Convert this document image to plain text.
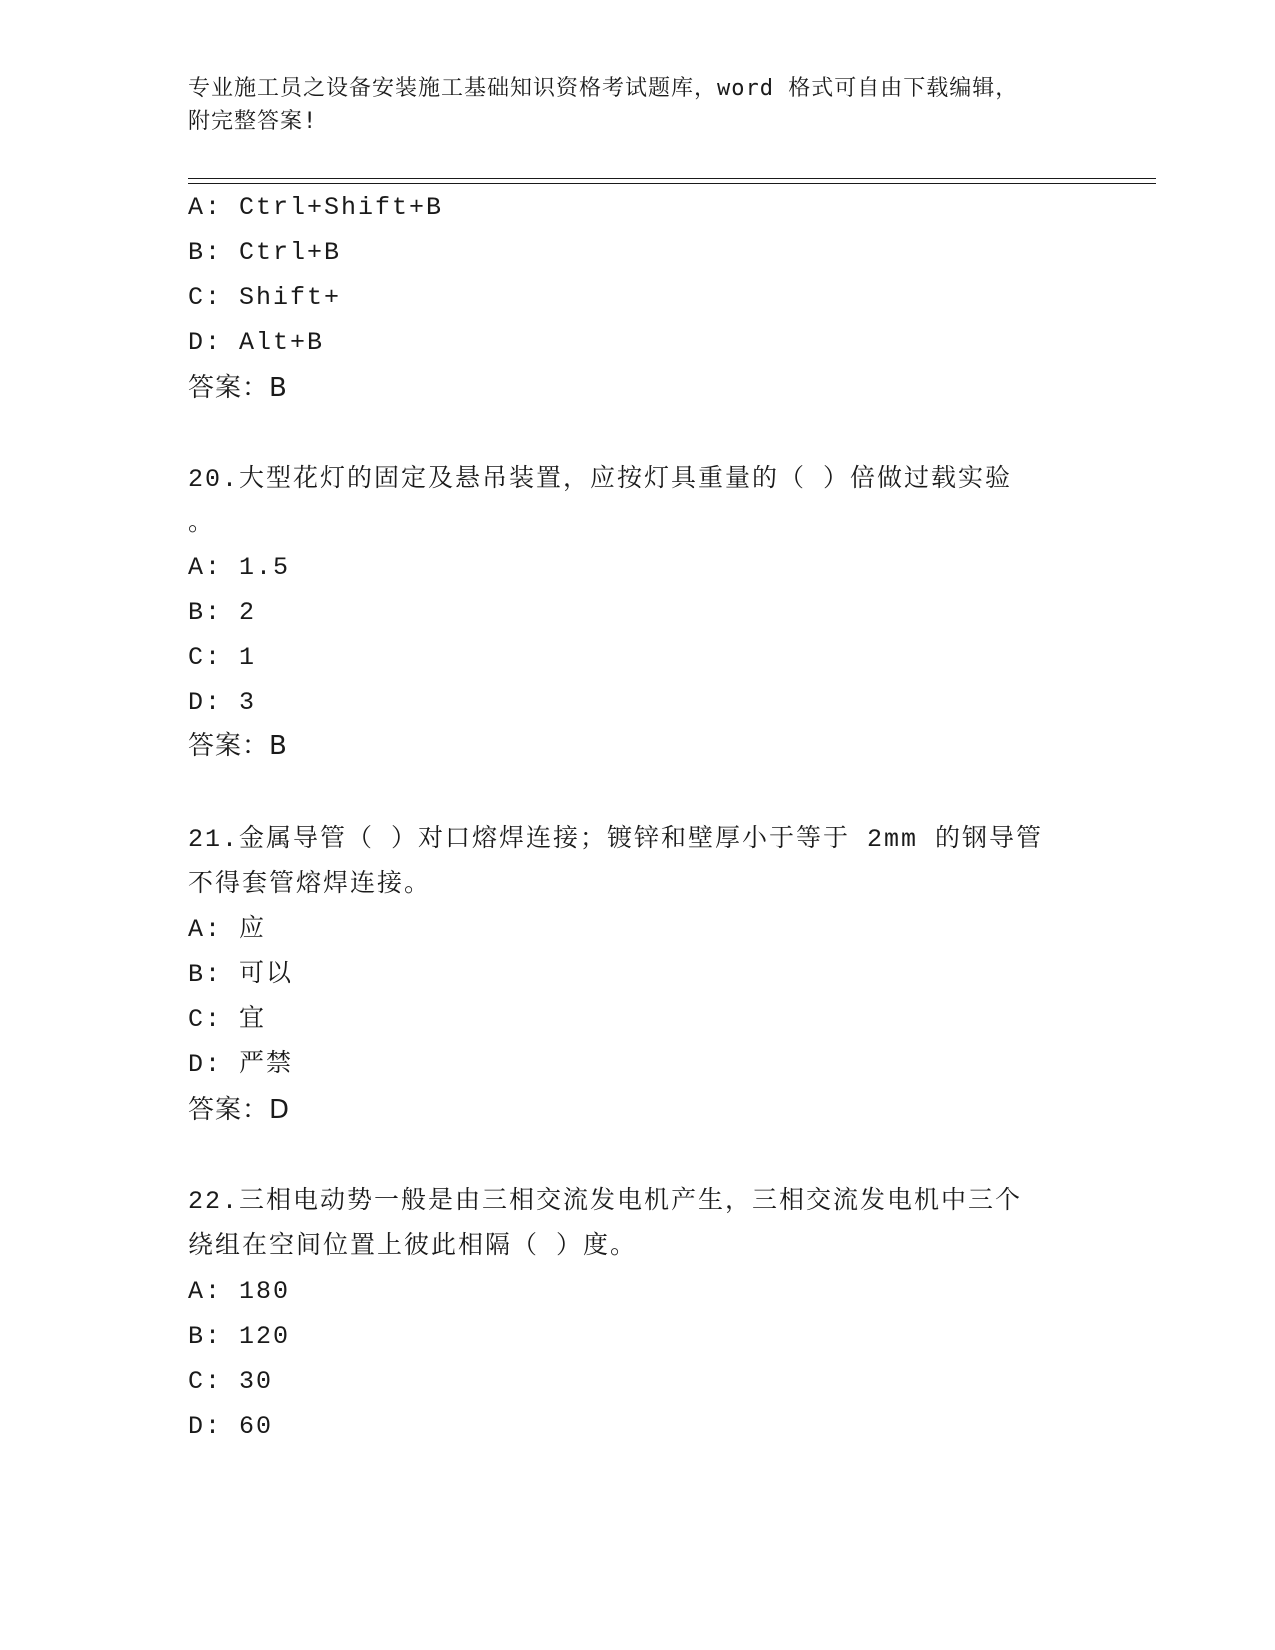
专业施工员之设备安装施工基础知识资格考试题库，word 格式可自由下载编辑，
附完整答案!
A: Ctrl+Shift+B
B: Ctrl+B
C: Shift+
D: Alt+B
答案：B
20.大型花灯的固定及悬吊装置，应按灯具重量的（ ）倍做过载实验
。
A: 1.5
B: 2
C: 1
D: 3
答案：B
21.金属导管（ ）对口熔焊连接；镀锌和壁厚小于等于 2mm 的钢导管
不得套管熔焊连接。
A: 应
B: 可以
C: 宜
D: 严禁
答案：D
22.三相电动势一般是由三相交流发电机产生，三相交流发电机中三个
绕组在空间位置上彼此相隔（ ）度。
A: 180
B: 120
C: 30
D: 60
